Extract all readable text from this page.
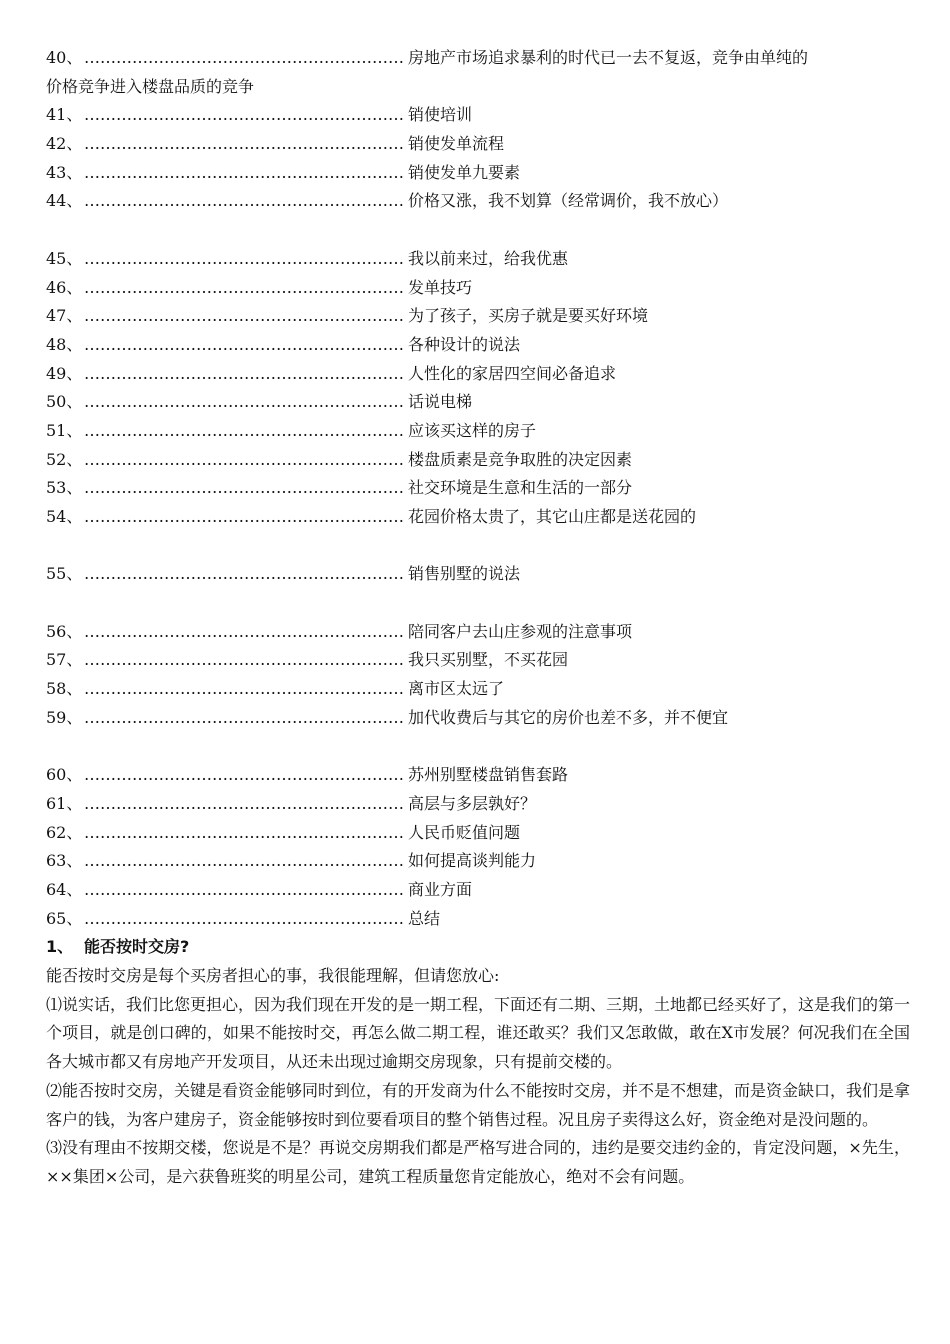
40、 …………………………………………………… 房地产市场追求暴利的时代已一去不复返，竞争由单纯的
价格竞争进入楼盘品质的竞争
41、 …………………………………………………… 销使培训
42、 …………………………………………………… 销使发单流程
43、 …………………………………………………… 销使发单九要素
44、 …………………………………………………… 价格又涨，我不划算（经常调价，我不放心）
45、 …………………………………………………… 我以前来过，给我优惠
46、 …………………………………………………… 发单技巧
47、 …………………………………………………… 为了孩子，买房子就是要买好环境
48、 …………………………………………………… 各种设计的说法
49、 …………………………………………………… 人性化的家居四空间必备追求
50、 …………………………………………………… 话说电梯
51、 …………………………………………………… 应该买这样的房子
52、 …………………………………………………… 楼盘质素是竞争取胜的决定因素
53、 …………………………………………………… 社交环境是生意和生活的一部分
54、 …………………………………………………… 花园价格太贵了，其它山庄都是送花园的
55、 …………………………………………………… 销售别墅的说法
56、 …………………………………………………… 陪同客户去山庄参观的注意事项
57、 …………………………………………………… 我只买别墅，不买花园
58、 …………………………………………………… 离市区太远了
59、 …………………………………………………… 加代收费后与其它的房价也差不多，并不便宜
60、 …………………………………………………… 苏州别墅楼盘销售套路
61、 …………………………………………………… 高层与多层孰好？
62、 …………………………………………………… 人民币贬值问题
63、 …………………………………………………… 如何提高谈判能力
64、 …………………………………………………… 商业方面
65、 …………………………………………………… 总结
1、 能否按时交房?

能否按时交房是每个买房者担心的事，我很能理解，但请您放心:

⑴说实话，我们比您更担心，因为我们现在开发的是一期工程，下面还有二期、三期，土地都已经买好了，这是我们的第一个项目，就是创口碑的，如果不能按时交，再怎么做二期工程，谁还敢买？我们又怎敢做，敢在X市发展？何况我们在全国各大城市都又有房地产开发项目，从还未出现过逾期交房现象，只有提前交楼的。

⑵能否按时交房，关键是看资金能够同时到位，有的开发商为什么不能按时交房，并不是不想建，而是资金缺口，我们是拿客户的钱，为客户建房子，资金能够按时到位要看项目的整个销售过程。况且房子卖得这么好，资金绝对是没问题的。

⑶没有理由不按期交楼，您说是不是？再说交房期我们都是严格写进合同的，违约是要交违约金的，肯定没问题，×先生，××集团×公司，是六获鲁班奖的明星公司，建筑工程质量您肯定能放心，绝对不会有问题。
